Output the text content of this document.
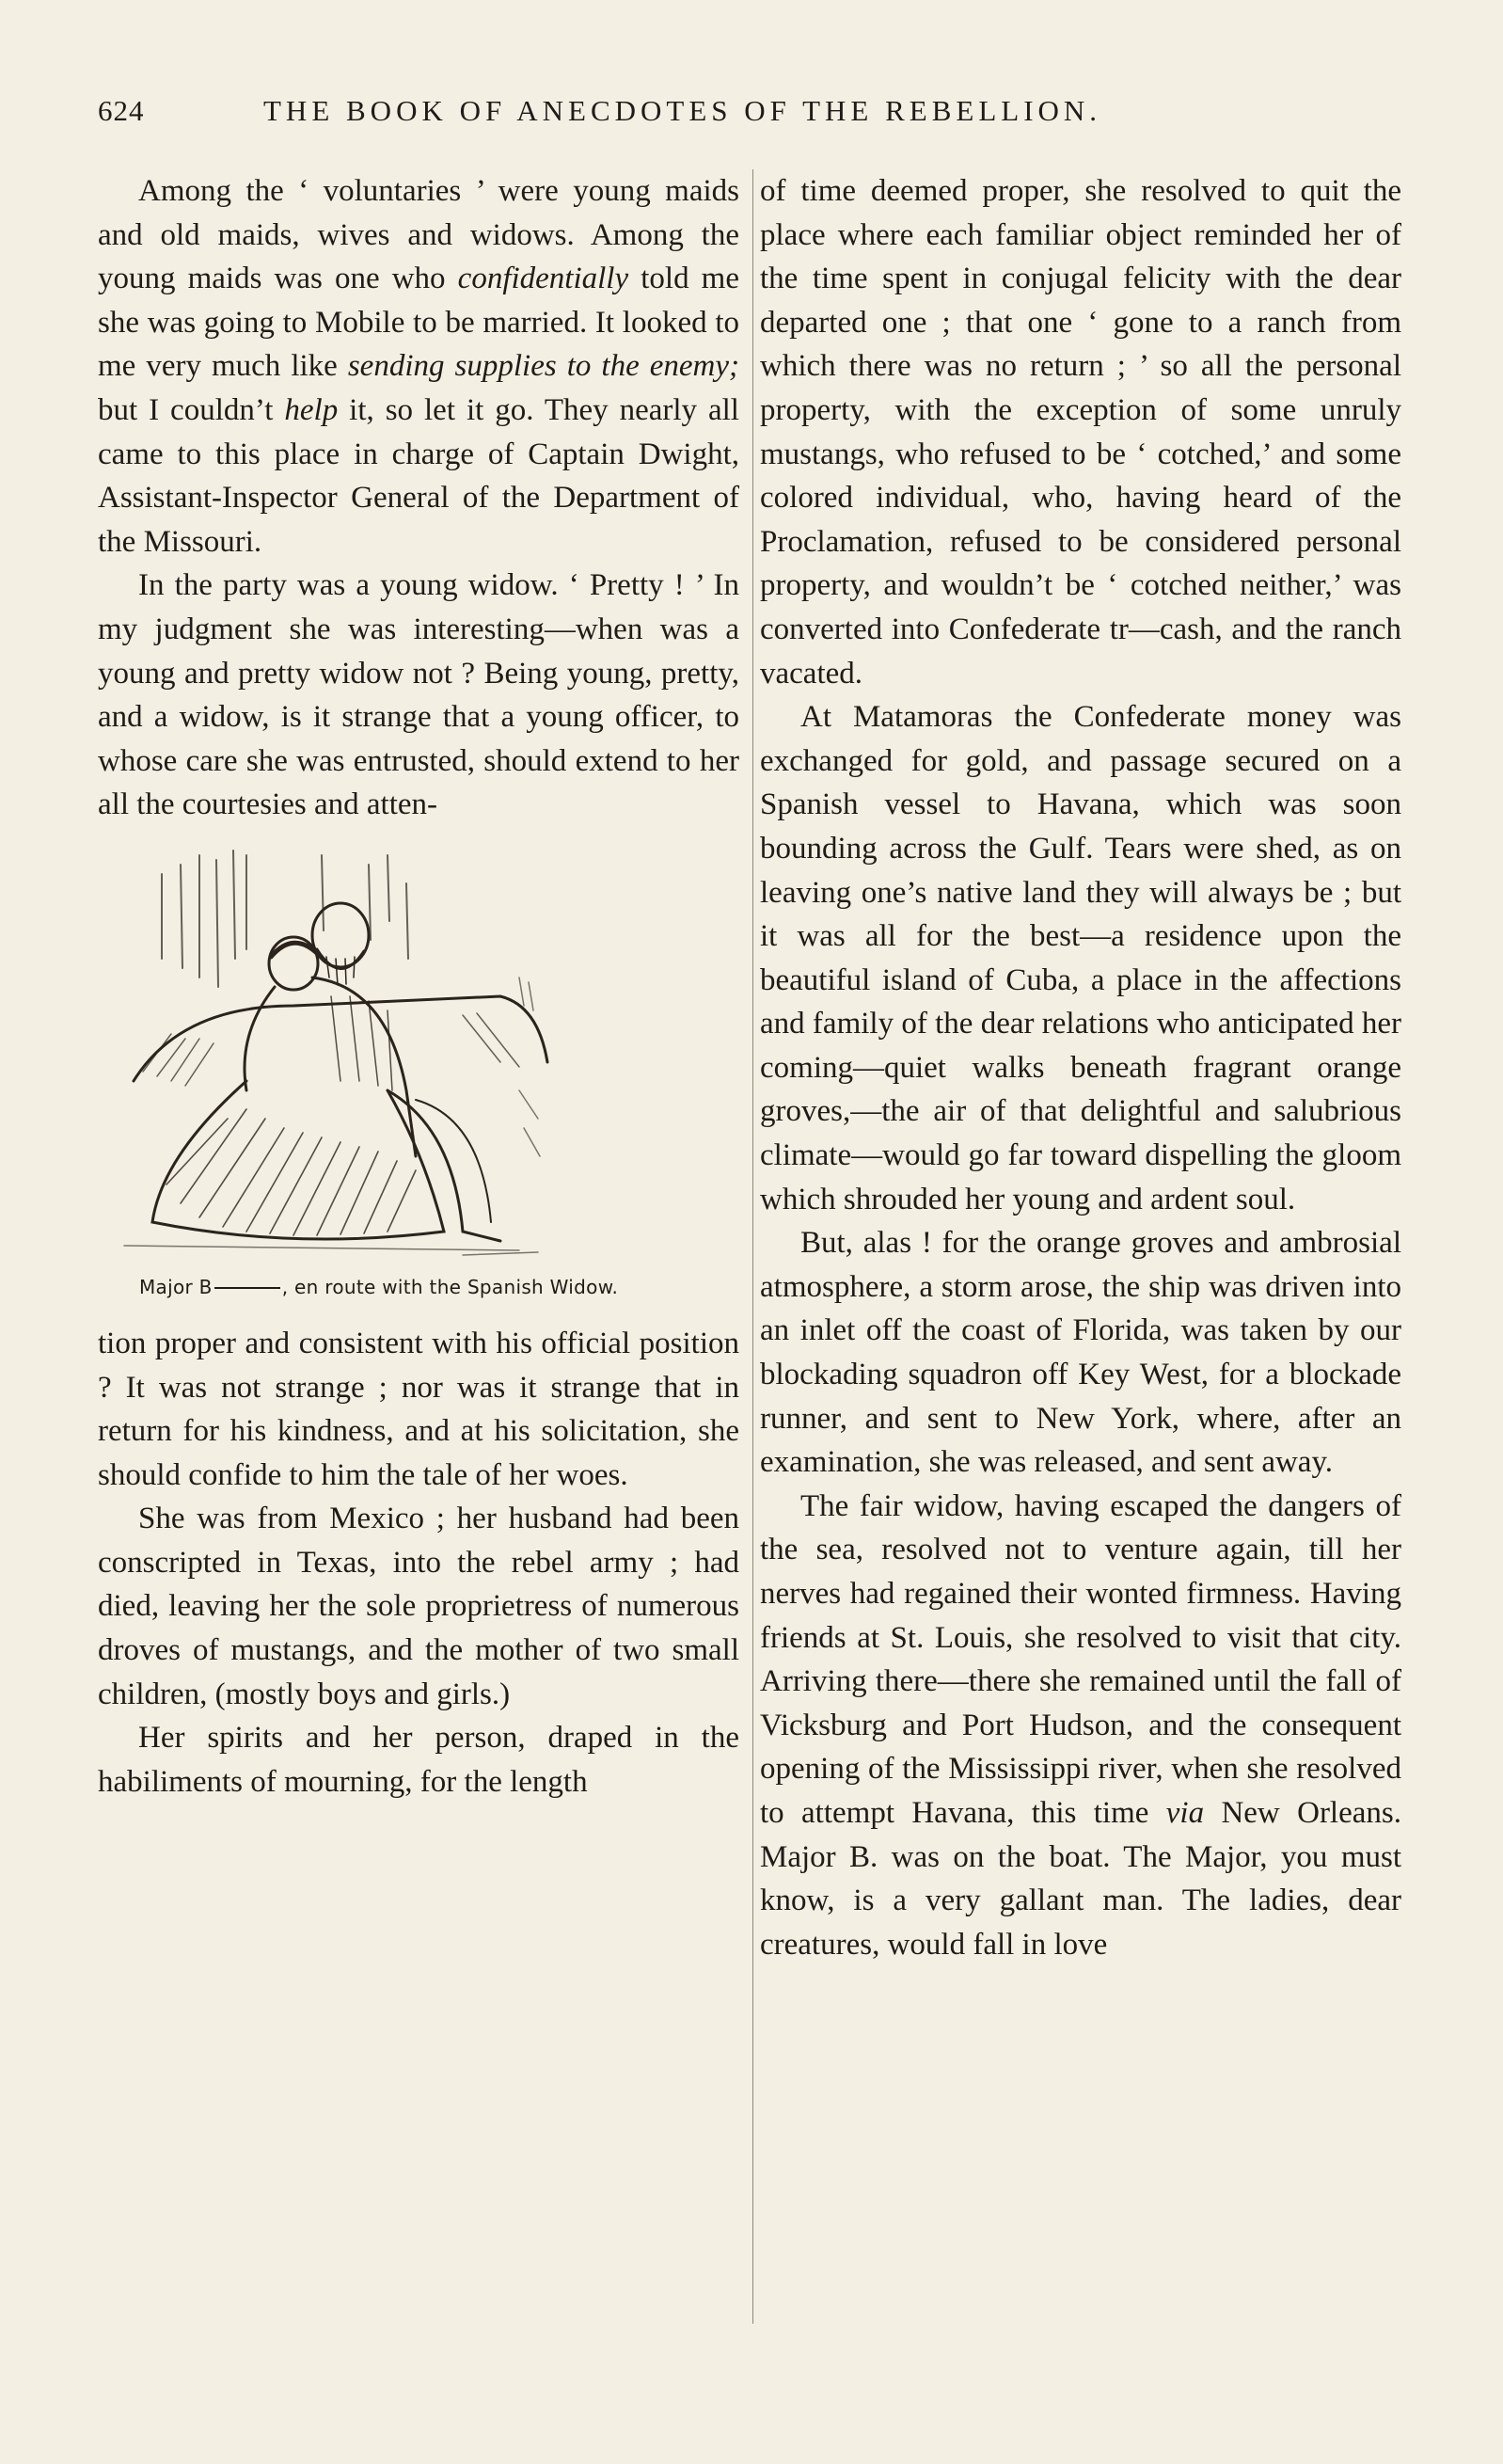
624	THE BOOK OF ANECDOTES OF THE REBELLION.

Among the ‘ voluntaries ’ were young maids and old maids, wives and widows. Among the young maids was one who confidentially told me she was going to Mobile to be married. It looked to me very much like sending supplies to the enemy; but I couldn’t help it, so let it go. They nearly all came to this place in charge of Captain Dwight, Assistant-Inspector General of the Department of the Missouri.

In the party was a young widow. ‘ Pretty ! ’ In my judgment she was interesting—when was a young and pretty widow not ? Being young, pretty, and a widow, is it strange that a young officer, to whose care she was entrusted, should extend to her all the courtesies and atten-

Major B	, en route with the Spanish Widow.

tion proper and consistent with his official position ? It was not strange ; nor was it strange that in return for his kindness, and at his solicitation, she should confide to him the tale of her woes.

She was from Mexico ; her husband had been conscripted in Texas, into the rebel army ; had died, leaving her the sole proprietress of numerous droves of mustangs, and the mother of two small children, (mostly boys and girls.)

Her spirits and her person, draped in the habiliments of mourning, for the length

of time deemed proper, she resolved to quit the place where each familiar object reminded her of the time spent in conjugal felicity with the dear departed one ; that one ‘ gone to a ranch from which there was no return ; ’ so all the personal property, with the exception of some unruly mustangs, who refused to be ‘ cotched,’ and some colored individual, who, having heard of the Proclamation, refused to be considered personal property, and wouldn’t be ‘ cotched neither,’ was converted into Confederate tr—cash, and the ranch vacated.

At Matamoras the Confederate money was exchanged for gold, and passage secured on a Spanish vessel to Havana, which was soon bounding across the Gulf. Tears were shed, as on leaving one’s native land they will always be ; but it was all for the best—a residence upon the beautiful island of Cuba, a place in the affections and family of the dear relations who anticipated her coming—quiet walks beneath fragrant orange groves,—the air of that delightful and salubrious climate—would go far toward dispelling the gloom which shrouded her young and ardent soul.

But, alas ! for the orange groves and ambrosial atmosphere, a storm arose, the ship was driven into an inlet off the coast of Florida, was taken by our blockading squadron off Key West, for a blockade runner, and sent to New York, where, after an examination, she was released, and sent away.

The fair widow, having escaped the dangers of the sea, resolved not to venture again, till her nerves had regained their wonted firmness. Having friends at St. Louis, she resolved to visit that city. Arriving there—there she remained until the fall of Vicksburg and Port Hudson, and the consequent opening of the Mississippi river, when she resolved to attempt Havana, this time via New Orleans. Major B. was on the boat. The Major, you must know, is a very gallant man. The ladies, dear creatures, would fall in love
